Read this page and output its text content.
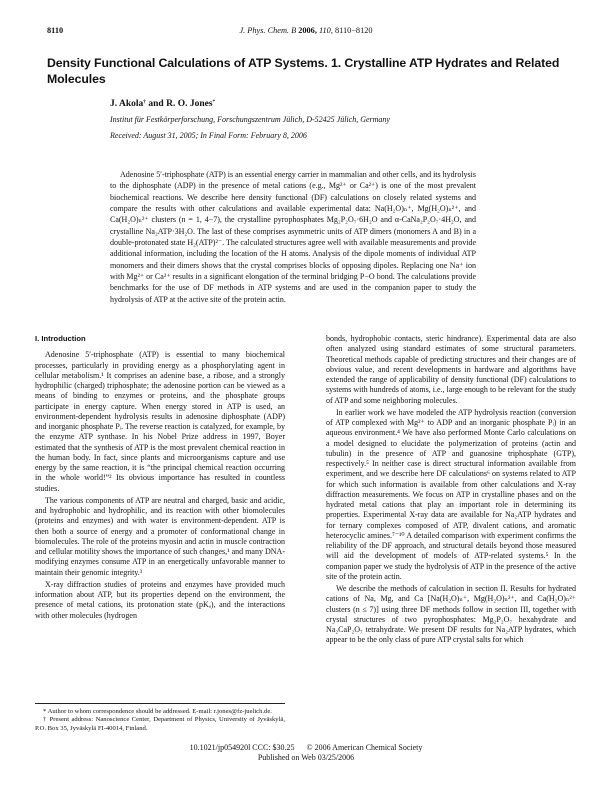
8110	J. Phys. Chem. B 2006, 110, 8110−8120
Density Functional Calculations of ATP Systems. 1. Crystalline ATP Hydrates and Related Molecules
J. Akola† and R. O. Jones*
Institut für Festkörperforschung, Forschungszentrum Jülich, D-52425 Jülich, Germany
Received: August 31, 2005; In Final Form: February 8, 2006
Adenosine 5′-triphosphate (ATP) is an essential energy carrier in mammalian and other cells, and its hydrolysis to the diphosphate (ADP) in the presence of metal cations (e.g., Mg²⁺ or Ca²⁺) is one of the most prevalent biochemical reactions. We describe here density functional (DF) calculations on closely related systems and compare the results with other calculations and available experimental data: Na(H₂O)ₙ⁺, Mg(H₂O)ₙ²⁺, and Ca(H₂O)ₙ²⁺ clusters (n = 1, 4−7), the crystalline pyrophosphates Mg₂P₂O₇·6H₂O and α-CaNa₂P₂O₇·4H₂O, and crystalline Na₂ATP·3H₂O. The last of these comprises asymmetric units of ATP dimers (monomers A and B) in a double-protonated state H₂(ATP)²⁻. The calculated structures agree well with available measurements and provide additional information, including the location of the H atoms. Analysis of the dipole moments of individual ATP monomers and their dimers shows that the crystal comprises blocks of opposing dipoles. Replacing one Na⁺ ion with Mg²⁺ or Ca²⁺ results in a significant elongation of the terminal bridging P−O bond. The calculations provide benchmarks for the use of DF methods in ATP systems and are used in the companion paper to study the hydrolysis of ATP at the active site of the protein actin.
I. Introduction

Adenosine 5′-triphosphate (ATP) is essential to many biochemical processes, particularly in providing energy as a phosphorylating agent in cellular metabolism.¹ It comprises an adenine base, a ribose, and a strongly hydrophilic (charged) triphosphate; the adenosine portion can be viewed as a means of binding to enzymes or proteins, and the phosphate groups participate in energy capture. When energy stored in ATP is used, an environment-dependent hydrolysis results in adenosine diphosphate (ADP) and inorganic phosphate Pᵢ. The reverse reaction is catalyzed, for example, by the enzyme ATP synthase. In his Nobel Prize address in 1997, Boyer estimated that the synthesis of ATP is the most prevalent chemical reaction in the human body. In fact, since plants and microorganisms capture and use energy by the same reaction, it is “the principal chemical reaction occurring in the whole world!”² Its obvious importance has resulted in countless studies.

The various components of ATP are neutral and charged, basic and acidic, and hydrophobic and hydrophilic, and its reaction with other biomolecules (proteins and enzymes) and with water is environment-dependent. ATP is then both a source of energy and a promoter of conformational change in biomolecules. The role of the proteins myosin and actin in muscle contraction and cellular motility shows the importance of such changes,¹ and many DNA-modifying enzymes consume ATP in an energetically unfavorable manner to maintain their genomic integrity.³

X-ray diffraction studies of proteins and enzymes have provided much information about ATP, but its properties depend on the environment, the presence of metal cations, its protonation state (pKₐ), and the interactions with other molecules (hydrogen

bonds, hydrophobic contacts, steric hindrance). Experimental data are also often analyzed using standard estimates of some structural parameters. Theoretical methods capable of predicting structures and their changes are of obvious value, and recent developments in hardware and algorithms have extended the range of applicability of density functional (DF) calculations to systems with hundreds of atoms, i.e., large enough to be relevant for the study of ATP and some neighboring molecules.

In earlier work we have modeled the ATP hydrolysis reaction (conversion of ATP complexed with Mg²⁺ to ADP and an inorganic phosphate Pᵢ) in an aqueous environment.⁴ We have also performed Monte Carlo calculations on a model designed to elucidate the polymerization of proteins (actin and tubulin) in the presence of ATP and guanosine triphosphate (GTP), respectively.⁵ In neither case is direct structural information available from experiment, and we describe here DF calculations⁶ on systems related to ATP for which such information is available from other calculations and X-ray diffraction measurements. We focus on ATP in crystalline phases and on the hydrated metal cations that play an important role in determining its properties. Experimental X-ray data are available for Na₂ATP hydrates and for ternary complexes composed of ATP, divalent cations, and aromatic heterocyclic amines.⁷⁻¹⁰ A detailed comparison with experiment confirms the reliability of the DF approach, and structural details beyond those measured will aid the development of models of ATP-related systems.⁵ In the companion paper we study the hydrolysis of ATP in the presence of the active site of the protein actin.

We describe the methods of calculation in section II. Results for hydrated cations of Na, Mg, and Ca [Na(H₂O)ₙ⁺, Mg(H₂O)ₙ²⁺, and Ca(H₂O)ₙ²⁺ clusters (n ≤ 7)] using three DF methods follow in section III, together with crystal structures of two pyrophosphates: Mg₂P₂O₇ hexahydrate and Na₂CaP₂O₇ tetrahydrate. We present DF results for Na₂ATP hydrates, which appear to be the only class of pure ATP crystal salts for which

* Author to whom correspondence should be addressed. E-mail: r.jones@fz-juelich.de.

† Present address: Nanoscience Center, Department of Physics, University of Jyväskylä, P.O. Box 35, Jyväskylä FI-40014, Finland.

10.1021/jp054920l CCC: $30.25 © 2006 American Chemical Society
Published on Web 03/25/2006
